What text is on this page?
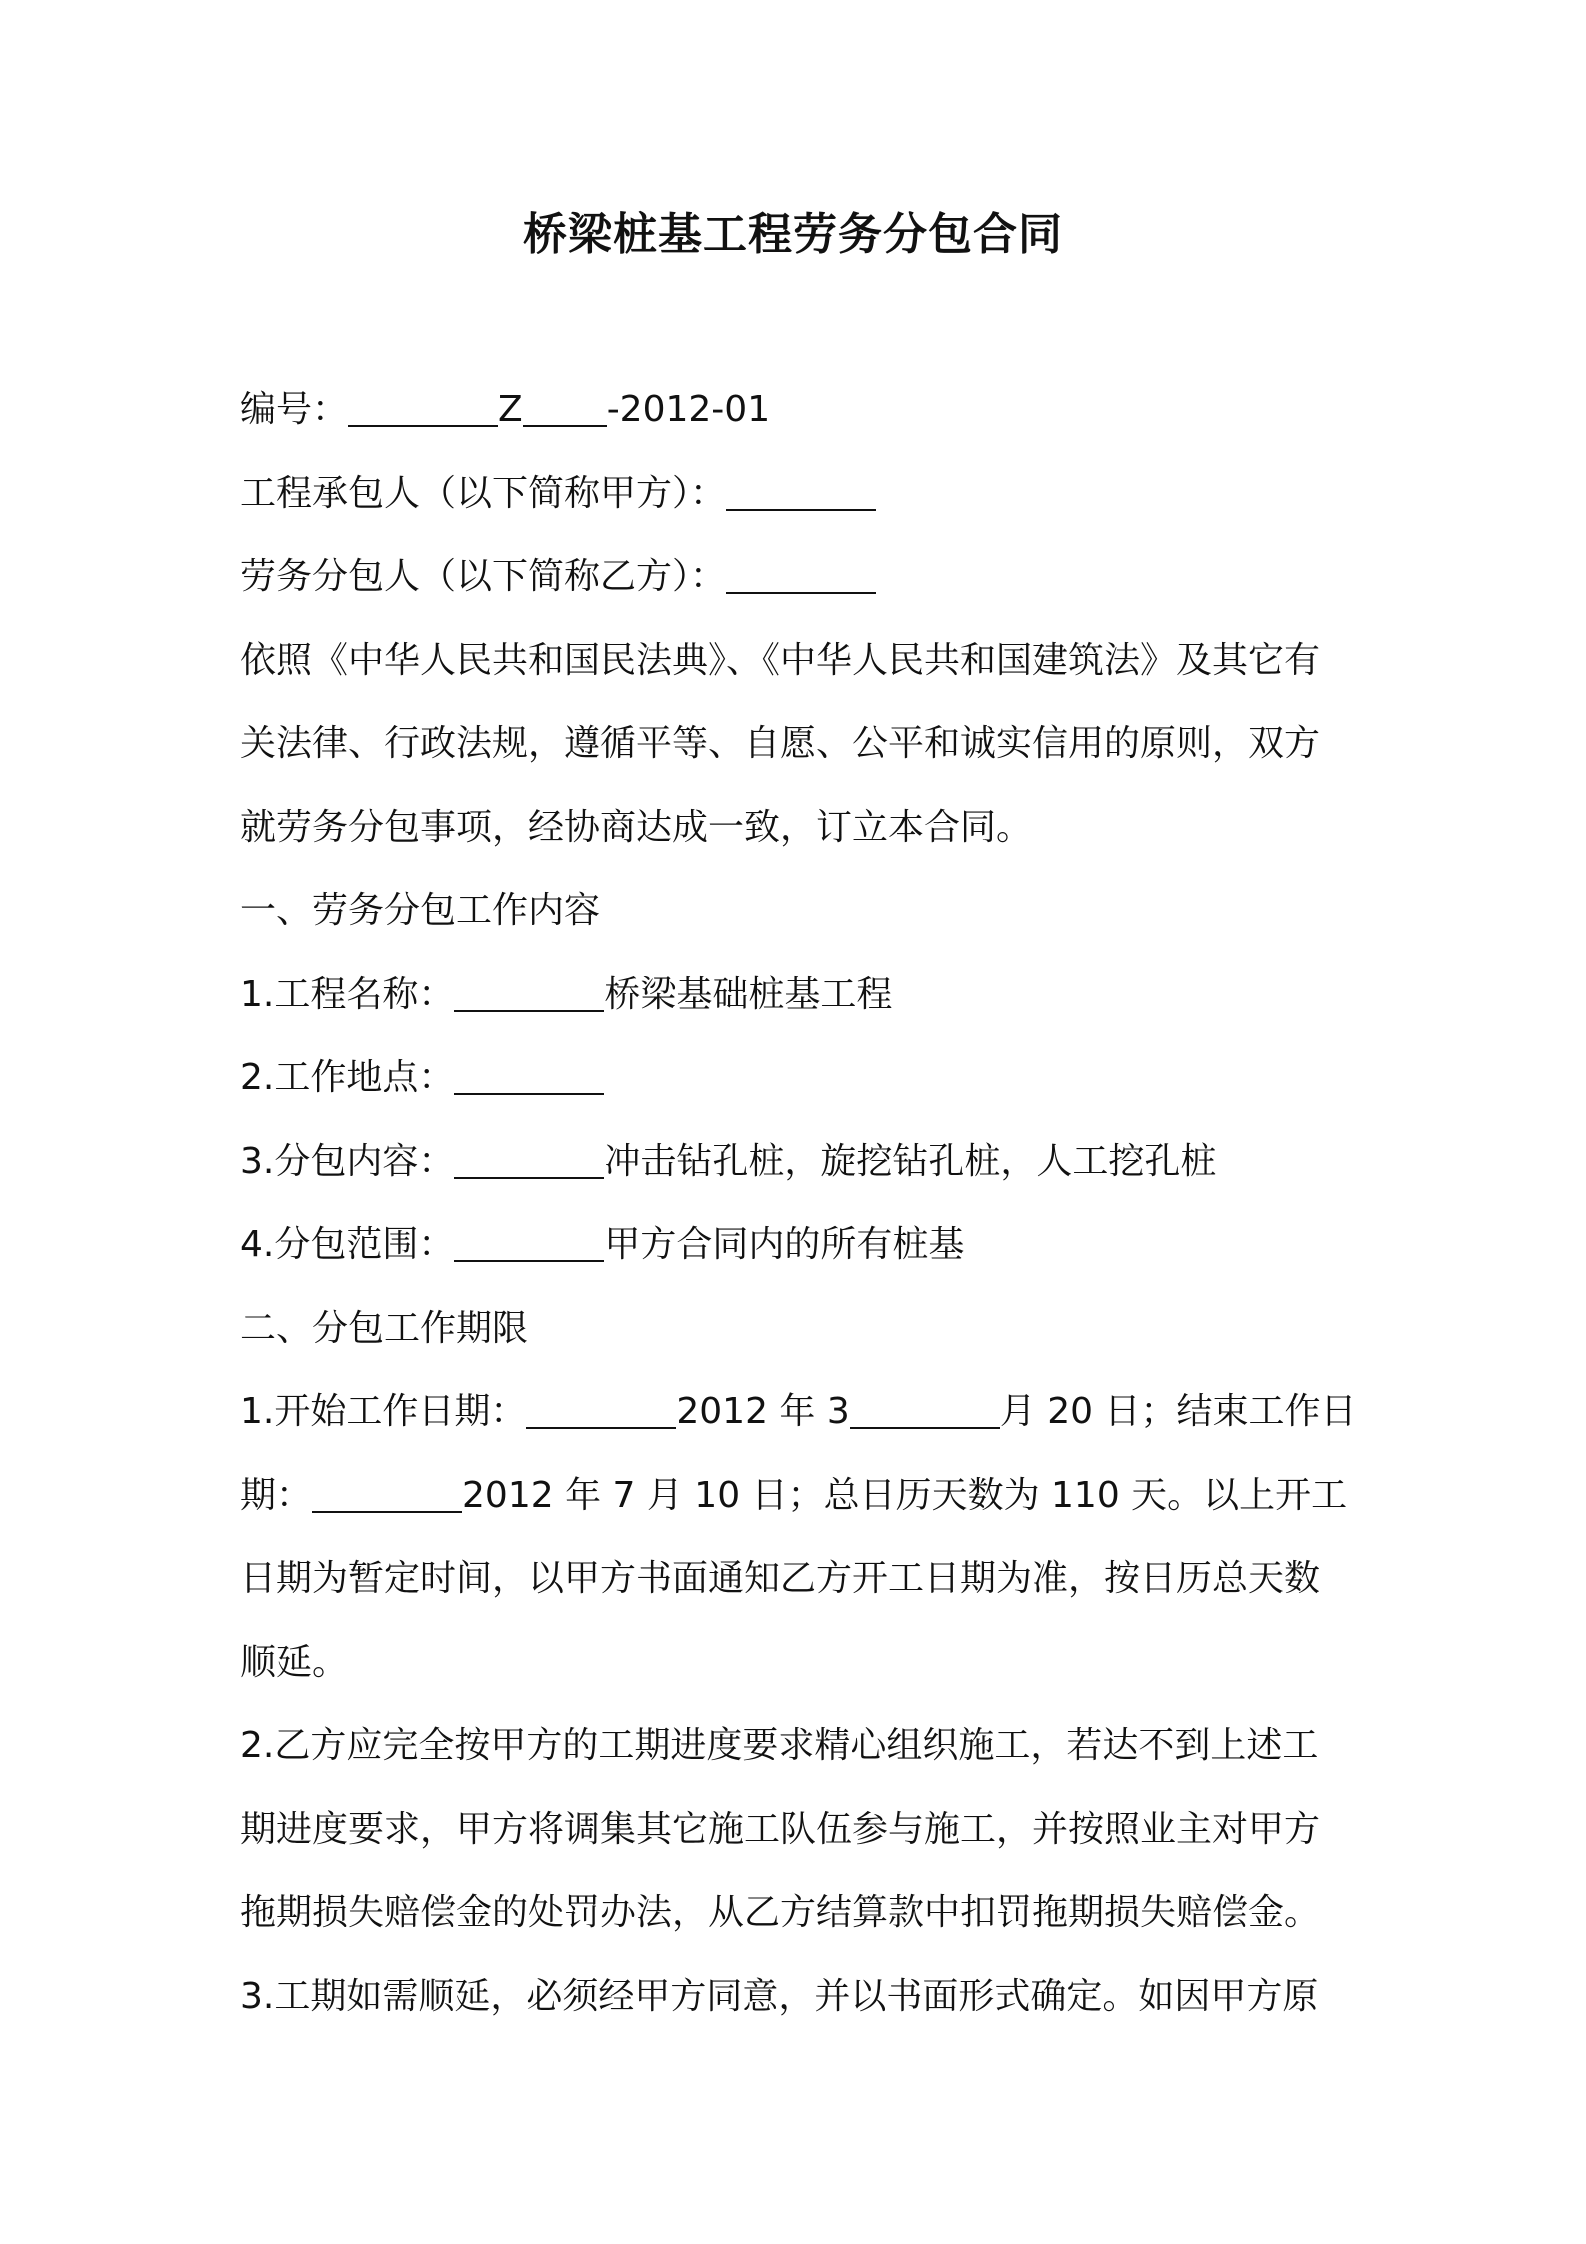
桥梁桩基工程劳务分包合同
编号：	Z -2012-01
工程承包人（以下简称甲方）：
劳务分包人（以下简称乙方）：
依照《中华人民共和国民法典》、《中华人民共和国建筑法》及其它有
关法律、行政法规，遵循平等、自愿、公平和诚实信用的原则，双方
就劳务分包事项，经协商达成一致，订立本合同。
一、劳务分包工作内容
1.工程名称：	桥梁基础桩基工程
2.工作地点：
3.分包内容：	冲击钻孔桩，旋挖钻孔桩，人工挖孔桩
4.分包范围：	甲方合同内的所有桩基
二、分包工作期限
1.开始工作日期：	2012 年 3	月 20 日；结束工作日
期：	2012 年 7 月 10 日；总日历天数为 110 天。以上开工
日期为暂定时间，以甲方书面通知乙方开工日期为准，按日历总天数
顺延。
2.乙方应完全按甲方的工期进度要求精心组织施工，若达不到上述工
期进度要求，甲方将调集其它施工队伍参与施工，并按照业主对甲方
拖期损失赔偿金的处罚办法，从乙方结算款中扣罚拖期损失赔偿金。
3.工期如需顺延，必须经甲方同意，并以书面形式确定。如因甲方原
